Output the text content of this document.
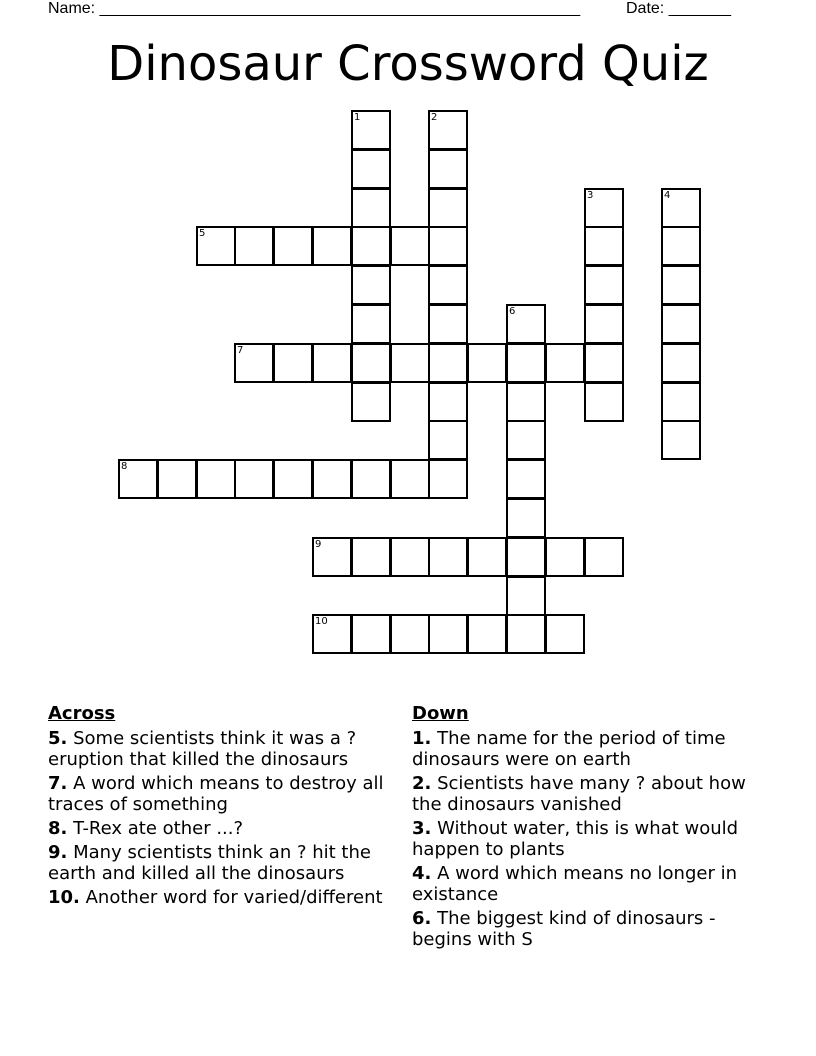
Name: ______________________________________________________	Date: _______
Dinosaur Crossword Quiz
1	2
3	4
5
6
7
8
9
10
Across
5. Some scientists think it was a ? eruption that killed the dinosaurs
7. A word which means to destroy all traces of something
8. T-Rex ate other ...?
9. Many scientists think an ? hit the earth and killed all the dinosaurs
10. Another word for varied/different
Down
1. The name for the period of time dinosaurs were on earth
2. Scientists have many ? about how the dinosaurs vanished
3. Without water, this is what would happen to plants
4. A word which means no longer in existance
6. The biggest kind of dinosaurs - begins with S
